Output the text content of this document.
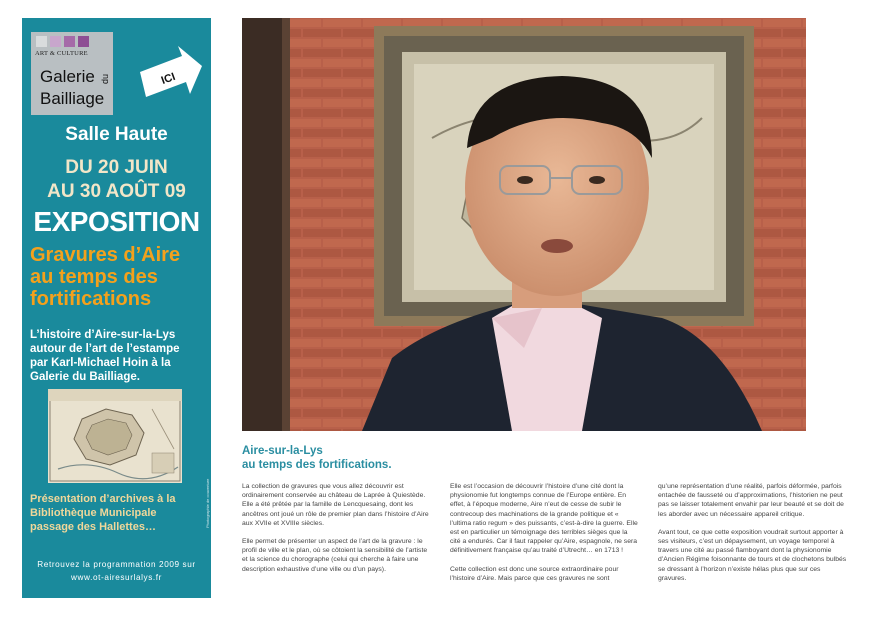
ART & CULTURE
Galerie
Bailliage
du	ICI
Salle Haute
DU 20 JUIN
AU 30 AOÛT 09
EXPOSITION
Gravures d’Aire
au temps des
fortifications
L’histoire d’Aire-sur-la-Lys
autour de l’art de l’estampe
par Karl-Michael Hoin à la
Galerie du Bailliage.
Présentation d’archives à la
Bibliothèque Municipale
passage des Hallettes…
Retrouvez la programmation 2009 sur
www.ot-airesurlalys.fr
Photographie de couverture
Aire-sur-la-Lys
au temps des fortifications.

La collection de gravures que vous allez découvrir est ordinairement conservée au château de Laprée à Quiestède. Elle a été prêtée par la famille de Lencquesaing, dont les ancêtres ont joué un rôle de premier plan dans l’histoire d’Aire aux XVIIe et XVIIIe siècles.

Elle permet de présenter un aspect de l’art de la gravure : le profil de ville et le plan, où se côtoient la sensibilité de l’artiste et la science du chorographe (celui qui cherche à faire une description exhaustive d’une ville ou d’un pays).

Elle est l’occasion de découvrir l’histoire d’une cité dont la physionomie fut longtemps connue de l’Europe entière. En effet, à l’époque moderne, Aire n’eut de cesse de subir le contrecoup des machinations de la grande politique et « l’ultima ratio regum » des puissants, c’est-à-dire la guerre. Elle est en particulier un témoignage des terribles sièges que la cité a endurés. Car il faut rappeler qu’Aire, espagnole, ne sera définitivement française qu’au traité d’Utrecht… en 1713 !

Cette collection est donc une source extraordinaire pour l’histoire d’Aire. Mais parce que ces gravures ne sont

qu’une représentation d’une réalité, parfois déformée, parfois entachée de fausseté ou d’approximations, l’historien ne peut pas se laisser totalement envahir par leur beauté et se doit de les aborder avec un nécessaire appareil critique.

Avant tout, ce que cette exposition voudrait surtout apporter à ses visiteurs, c’est un dépaysement, un voyage temporel à travers une cité au passé flamboyant dont la physionomie d’Ancien Régime foisonnante de tours et de clochetons bulbés se dressant à l’horizon n’existe hélas plus que sur ces gravures.
